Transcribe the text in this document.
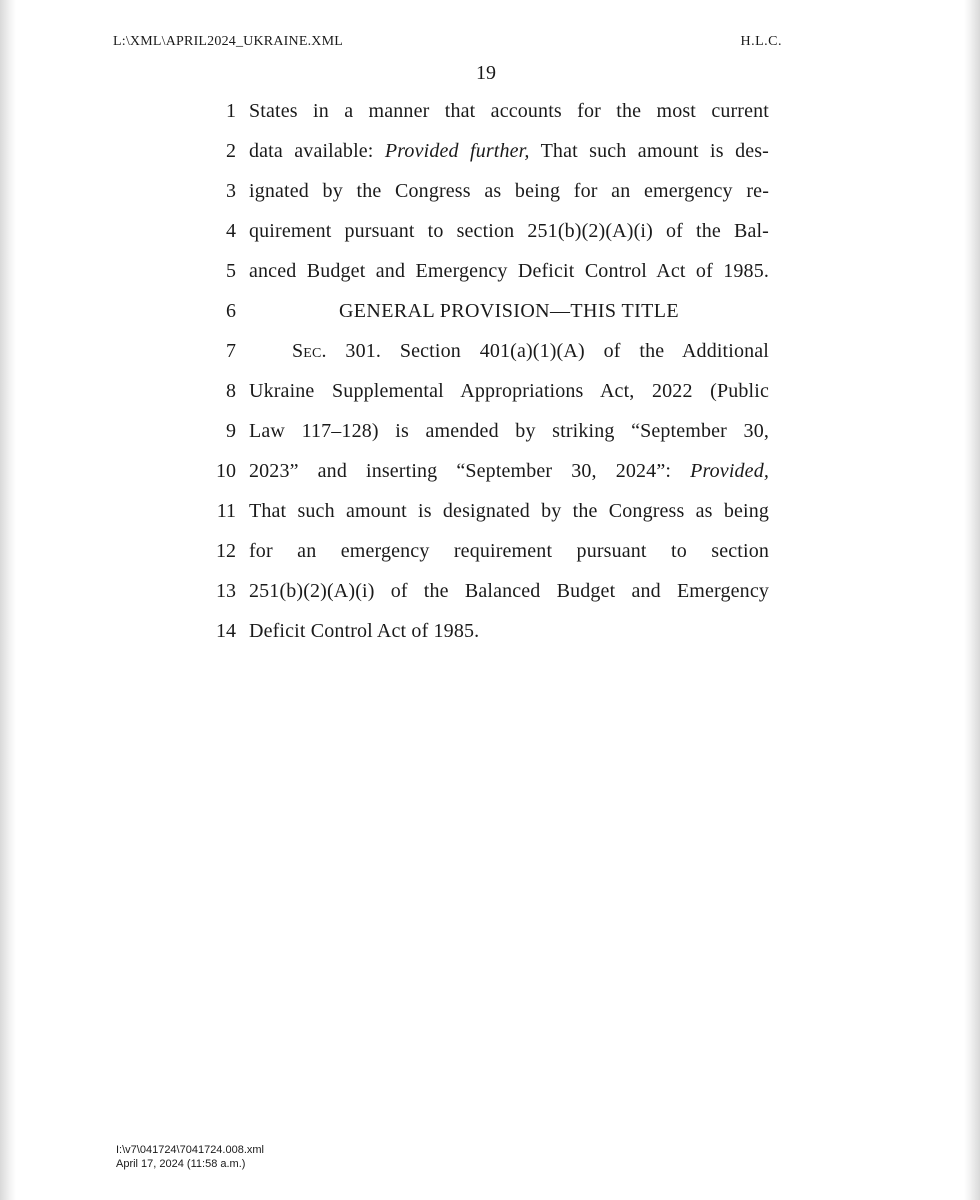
L:\XML\APRIL2024_UKRAINE.XML	H.L.C.
19
1 States in a manner that accounts for the most current
2 data available: Provided further, That such amount is des-
3 ignated by the Congress as being for an emergency re-
4 quirement pursuant to section 251(b)(2)(A)(i) of the Bal-
5 anced Budget and Emergency Deficit Control Act of 1985.
6	GENERAL PROVISION—THIS TITLE
7	Sec. 301. Section 401(a)(1)(A) of the Additional
8 Ukraine Supplemental Appropriations Act, 2022 (Public
9 Law 117–128) is amended by striking “September 30,
10 2023” and inserting “September 30, 2024”: Provided,
11 That such amount is designated by the Congress as being
12 for an emergency requirement pursuant to section
13 251(b)(2)(A)(i) of the Balanced Budget and Emergency
14 Deficit Control Act of 1985.
I:\v7\041724\7041724.008.xml
April 17, 2024 (11:58 a.m.)
